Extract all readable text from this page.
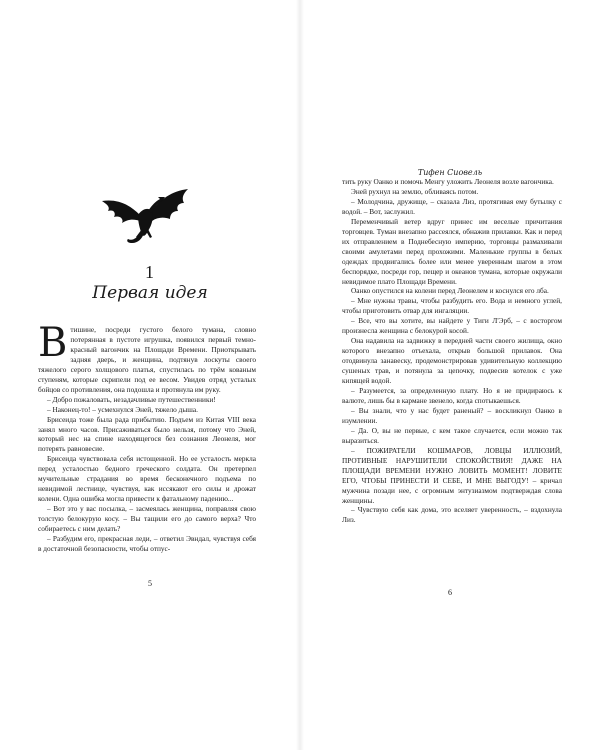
1
Первая идея

Втишине, посреди густого белого тумана, словно потерянная в пустоте игрушка, появился первый темно-красный вагончик на Площади Времени. Приоткрывать задняя дверь, и женщина, подтянув лоскуты своего тяжелого серого холщового платья, спустилась по трём кованым ступеням, которые скрипели под ее весом. Увидев отряд усталых бойцов со противления, она подошла и протянула им руку.

– Добро пожаловать, незадачливые путешественники!

– Наконец-то! – усмехнулся Эней, тяжело дыша.

Брисеида тоже была рада прибытию. Подъем из Китая VIII века занял много часов. Присаживаться было нельзя, потому что Эней, который нес на спине находящегося без сознания Леонеля, мог потерять равновесие.

Брисеида чувствовала себя истощенной. Но ее усталость меркла перед усталостью бедного греческого солдата. Он претерпел мучительные страдания во время бесконечного подъема по невидимой лестнице, чувствуя, как иссякают его силы и дрожат колени. Одна ошибка могла привести к фатальному падению...

– Вот это у вас посылка, – засмеялась женщина, поправляя свою толстую белокурую косу. – Вы тащили его до самого верха? Что собираетесь с ним делать?

– Разбудим его, прекрасная леди, – ответил Эвндал, чувствуя себя в достаточной безопасности, чтобы отпус-

5
Тифен Сиовель

тить руку Оанко и помочь Менгу уложить Леонеля возле вагончика.

Эней рухнул на землю, обливаясь потом.

– Молодчина, дружище, – сказала Лиз, протягивая ему бутылку с водой. – Вот, заслужил.

Переменчивый ветер вдруг принес им веселые причитания торговцев. Туман внезапно рассеялся, обнажив прилавки. Как и перед их отправлением в Поднебесную империю, торговцы размахивали своими амулетами перед прохожими. Маленькие группы в белых одеждах продвигались более или менее уверенным шагом в этом беспорядке, посреди гор, пещер и океанов тумана, которые окружали невидимое плато Площади Времени.

Оанко опустился на колени перед Леонелем и коснулся его лба.

– Мне нужны травы, чтобы разбудить его. Вода и немного углей, чтобы приготовить отвар для ингаляции.

– Все, что вы хотите, вы найдете у Тиги Л'Эрб, – с восторгом произнесла женщина с белокурой косой.

Она надавила на задвижку в передней части своего жилища, окно которого внезапно отъехала, открыв большой прилавок. Она отодвинула занавеску, продемонстрировав удивительную коллекцию сушеных трав, и потянула за цепочку, подвесив котелок с уже кипящей водой.

– Разумеется, за определенную плату. Но я не придираюсь к валюте, лишь бы в кармане звенело, когда спотыкаешься.

– Вы знали, что у нас будет раненый? – воскликнул Оанко в изумлении.

– Да. О, вы не первые, с кем такое случается, если можно так выразиться.

– ПОЖИРАТЕЛИ КОШМАРОВ, ЛОВЦЫ ИЛЛЮЗИЙ, ПРОТИВНЫЕ НАРУШИТЕЛИ СПОКОЙСТВИЯ! ДАЖЕ НА ПЛОЩАДИ ВРЕМЕНИ НУЖНО ЛОВИТЬ МОМЕНТ! ЛОВИТЕ ЕГО, ЧТОБЫ ПРИНЕСТИ И СЕБЕ, И МНЕ ВЫГОДУ! – кричал мужчина позади нее, с огромным энтузиазмом подтверждая слова женщины.

– Чувствую себя как дома, это вселяет уверенность, – вздохнула Лиз.

6
